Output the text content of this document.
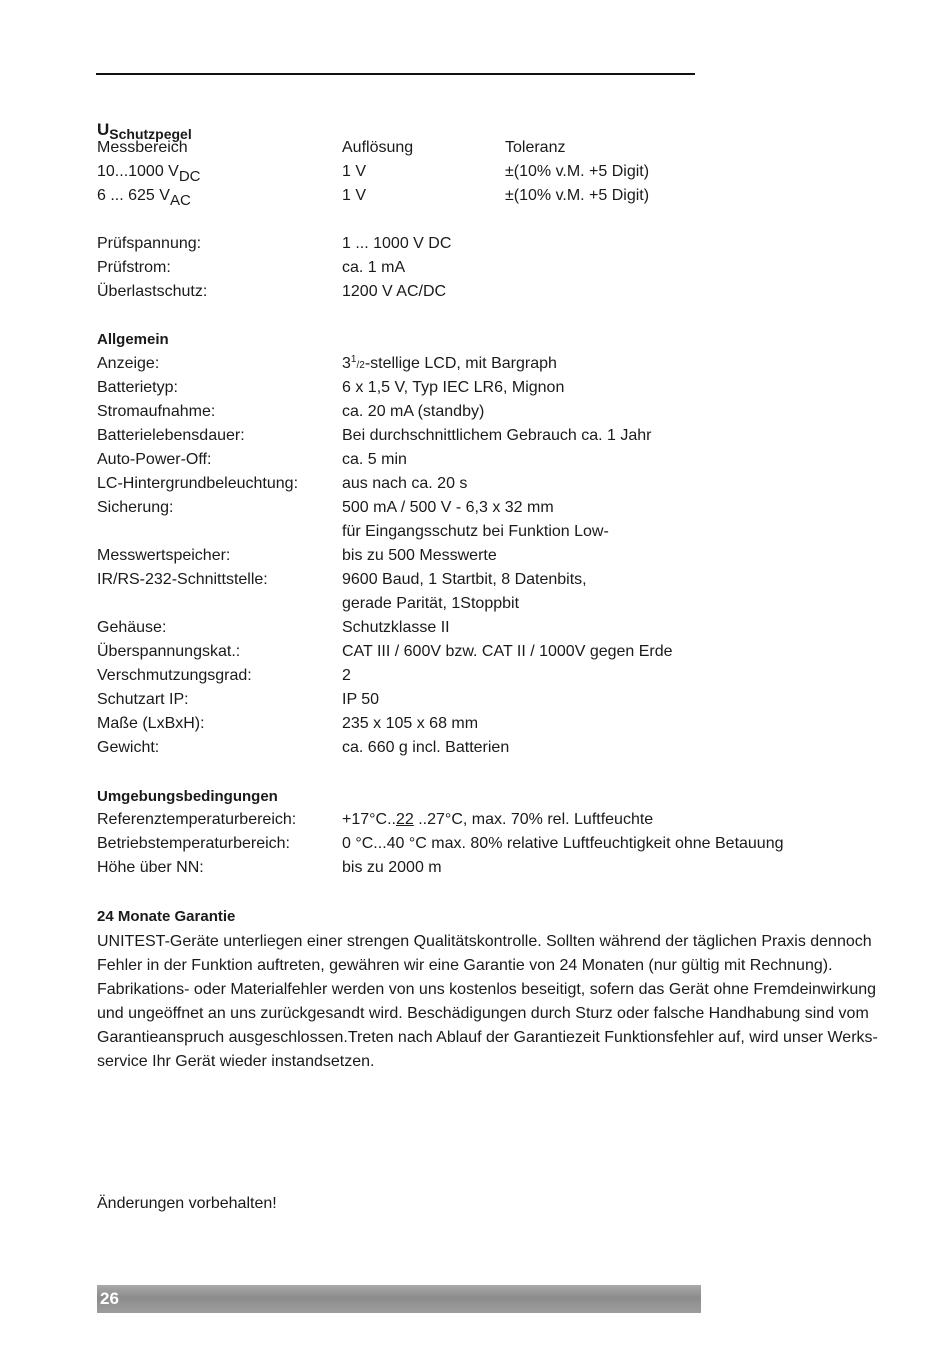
USchutzpegel
Messbereich	Auflösung	Toleranz
10...1000 VDC	1 V	±(10% v.M. +5 Digit)
6 ... 625 VAC	1 V	±(10% v.M. +5 Digit)
Prüfspannung:	1 ... 1000 V DC
Prüfstrom:	ca. 1 mA
Überlastschutz:	1200 V AC/DC
Allgemein
Anzeige:	$3^1/2$-stellige LCD, mit Bargraph
Batterietyp:	6 x 1,5 V, Typ IEC LR6, Mignon
Stromaufnahme:	ca. 20 mA (standby)
Batterielebensdauer:	Bei durchschnittlichem Gebrauch ca. 1 Jahr
Auto-Power-Off:	ca. 5 min
LC-Hintergrundbeleuchtung:	aus nach ca. 20 s
Sicherung:	500 mA / 500 V - 6,3 x 32 mm
für Eingangsschutz bei Funktion Low-
Messwertspeicher:	bis zu 500 Messwerte
IR/RS-232-Schnittstelle:	9600 Baud, 1 Startbit, 8 Datenbits,
gerade Parität, 1Stoppbit
Gehäuse:	Schutzklasse II
Überspannungskat.:	CAT III / 600V bzw. CAT II / 1000V gegen Erde
Verschmutzungsgrad:	2
Schutzart IP:	IP 50
Maße (LxBxH):	235 x 105 x 68 mm
Gewicht:	ca. 660 g incl. Batterien
Umgebungsbedingungen
Referenztemperaturbereich:	+17°C..22 ..27°C, max. 70% rel. Luftfeuchte
Betriebstemperaturbereich:	0 °C...40 °C max. 80% relative Luftfeuchtigkeit ohne Betauung
Höhe über NN:	bis zu 2000 m
24 Monate Garantie
UNITEST-Geräte unterliegen einer strengen Qualitätskontrolle. Sollten während der täglichen Praxis dennoch
Fehler in der Funktion auftreten, gewähren wir eine Garantie von 24 Monaten (nur gültig mit Rechnung).
Fabrikations- oder Materialfehler werden von uns kostenlos beseitigt, sofern das Gerät ohne Fremdeinwirkung
und ungeöffnet an uns zurückgesandt wird. Beschädigungen durch Sturz oder falsche Handhabung sind vom
Garantieanspruch ausgeschlossen.Treten nach Ablauf der Garantiezeit Funktionsfehler auf, wird unser Werks-
service Ihr Gerät wieder instandsetzen.
Änderungen vorbehalten!
26
